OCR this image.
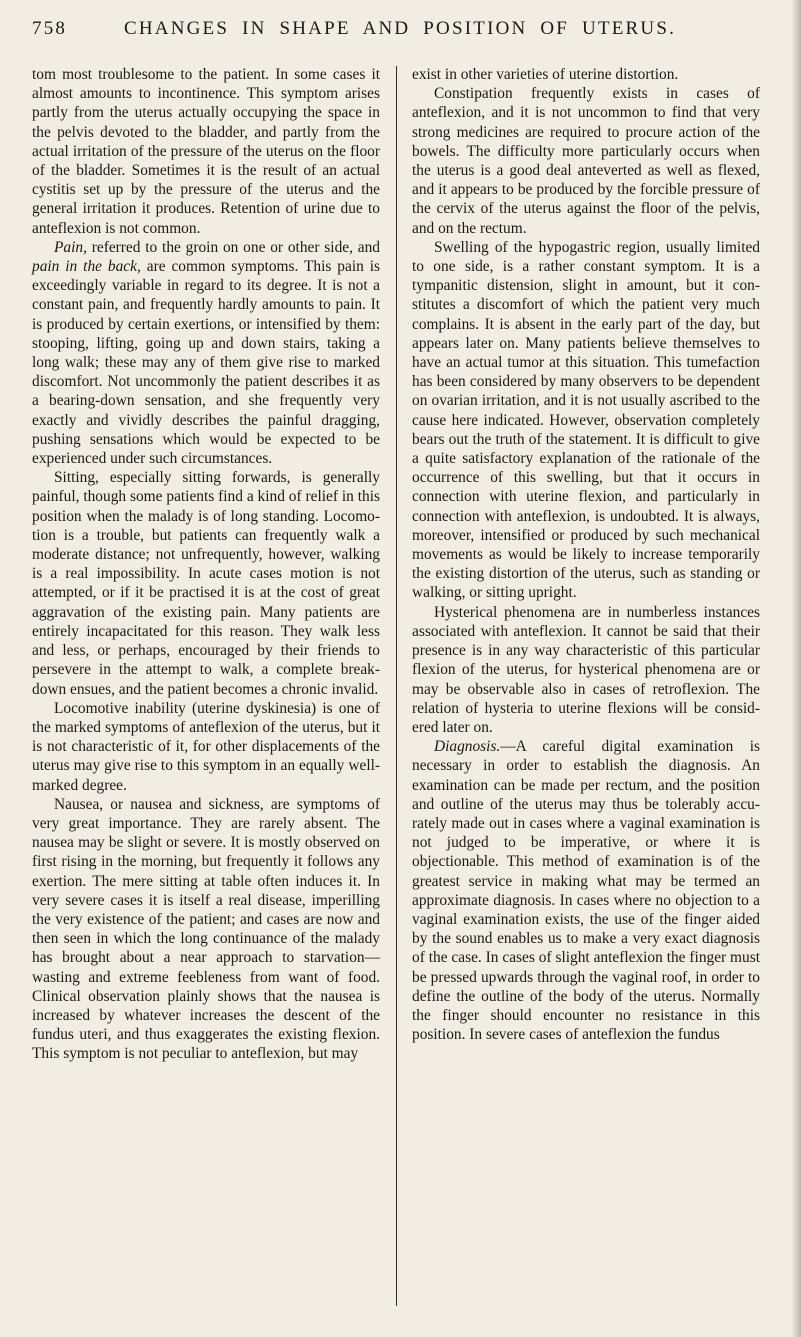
758	CHANGES IN SHAPE AND POSITION OF UTERUS.

tom most troublesome to the patient. In some cases it almost amounts to incontinence. This symptom arises partly from the uterus actually occupying the space in the pelvis devoted to the bladder, and partly from the actual irritation of the pressure of the uterus on the floor of the bladder. Sometimes it is the result of an actual cystitis set up by the pressure of the uterus and the general irritation it produces. Retention of urine due to anteflexion is not common.

Pain, referred to the groin on one or other side, and pain in the back, are common symptoms. This pain is exceedingly variable in regard to its degree. It is not a constant pain, and frequently hardly amounts to pain. It is produced by certain exertions, or intensified by them: stooping, lifting, going up and down stairs, taking a long walk; these may any of them give rise to marked discomfort. Not uncommonly the patient describes it as a bearing-down sensation, and she frequently very exactly and vividly describes the painful dragging, pushing sensations which would be expected to be experienced under such circumstances.

Sitting, especially sitting forwards, is generally painful, though some patients find a kind of relief in this position when the malady is of long standing. Locomotion is a trouble, but patients can frequently walk a moderate distance; not unfrequently, however, walking is a real impossibility. In acute cases motion is not attempted, or if it be practised it is at the cost of great aggravation of the existing pain. Many patients are entirely incapacitated for this reason. They walk less and less, or perhaps, encouraged by their friends to persevere in the attempt to walk, a complete break-down ensues, and the patient becomes a chronic invalid.

Locomotive inability (uterine dyskinesia) is one of the marked symptoms of anteflexion of the uterus, but it is not characteristic of it, for other displacements of the uterus may give rise to this symptom in an equally well-marked degree.

Nausea, or nausea and sickness, are symptoms of very great importance. They are rarely absent. The nausea may be slight or severe. It is mostly observed on first rising in the morning, but frequently it follows any exertion. The mere sitting at table often induces it. In very severe cases it is itself a real disease, imperilling the very existence of the patient; and cases are now and then seen in which the long continuance of the malady has brought about a near approach to starvation—wasting and extreme feebleness from want of food. Clinical observation plainly shows that the nausea is increased by whatever increases the descent of the fundus uteri, and thus exaggerates the existing flexion. This symptom is not peculiar to anteflexion, but may

exist in other varieties of uterine distortion.

Constipation frequently exists in cases of anteflexion, and it is not uncommon to find that very strong medicines are required to procure action of the bowels. The difficulty more particularly occurs when the uterus is a good deal anteverted as well as flexed, and it appears to be produced by the forcible pressure of the cervix of the uterus against the floor of the pelvis, and on the rectum.

Swelling of the hypogastric region, usually limited to one side, is a rather constant symptom. It is a tympanitic distension, slight in amount, but it constitutes a discomfort of which the patient very much complains. It is absent in the early part of the day, but appears later on. Many patients believe themselves to have an actual tumor at this situation. This tumefaction has been considered by many observers to be dependent on ovarian irritation, and it is not usually ascribed to the cause here indicated. However, observation completely bears out the truth of the statement. It is difficult to give a quite satisfactory explanation of the rationale of the occurrence of this swelling, but that it occurs in connection with uterine flexion, and particularly in connection with anteflexion, is undoubted. It is always, moreover, intensified or produced by such mechanical movements as would be likely to increase temporarily the existing distortion of the uterus, such as standing or walking, or sitting upright.

Hysterical phenomena are in numberless instances associated with anteflexion. It cannot be said that their presence is in any way characteristic of this particular flexion of the uterus, for hysterical phenomena are or may be observable also in cases of retroflexion. The relation of hysteria to uterine flexions will be considered later on.

Diagnosis.—A careful digital examination is necessary in order to establish the diagnosis. An examination can be made per rectum, and the position and outline of the uterus may thus be tolerably accurately made out in cases where a vaginal examination is not judged to be imperative, or where it is objectionable. This method of examination is of the greatest service in making what may be termed an approximate diagnosis. In cases where no objection to a vaginal examination exists, the use of the finger aided by the sound enables us to make a very exact diagnosis of the case. In cases of slight anteflexion the finger must be pressed upwards through the vaginal roof, in order to define the outline of the body of the uterus. Normally the finger should encounter no resistance in this position. In severe cases of anteflexion the fundus
